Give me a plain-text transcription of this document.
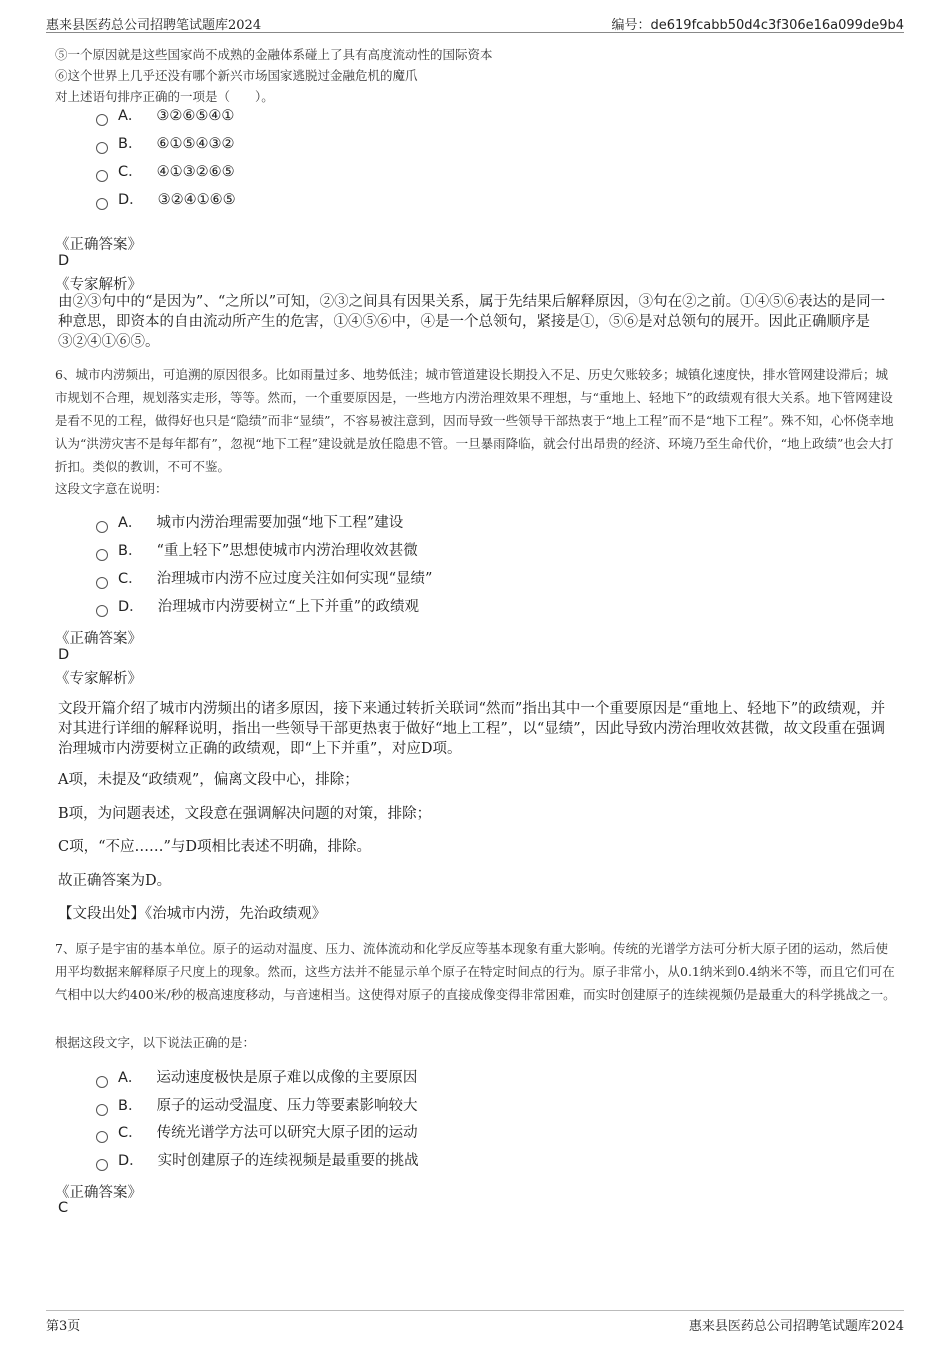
惠来县医药总公司招聘笔试题库2024	编号：de619fcabb50d4c3f306e16a099de9b4
⑤一个原因就是这些国家尚不成熟的金融体系碰上了具有高度流动性的国际资本
⑥这个世界上几乎还没有哪个新兴市场国家逃脱过金融危机的魔爪
对上述语句排序正确的一项是（　　）。
A． ③②⑥⑤④①
B． ⑥①⑤④③②
C． ④①③②⑥⑤
D． ③②④①⑥⑤
《正确答案》
D
《专家解析》
由②③句中的“是因为”、“之所以”可知，②③之间具有因果关系，属于先结果后解释原因，③句在②之前。①④⑤⑥表达的是同一种意思，即资本的自由流动所产生的危害，①④⑤⑥中，④是一个总领句，紧接是①，⑤⑥是对总领句的展开。因此正确顺序是③②④①⑥⑤。
6、城市内涝频出，可追溯的原因很多。比如雨量过多、地势低洼；城市管道建设长期投入不足、历史欠账较多；城镇化速度快，排水管网建设滞后；城市规划不合理，规划落实走形，等等。然而，一个重要原因是，一些地方内涝治理效果不理想，与“重地上、轻地下”的政绩观有很大关系。地下管网建设是看不见的工程，做得好也只是“隐绩”而非“显绩”，不容易被注意到，因而导致一些领导干部热衷于“地上工程”而不是“地下工程”。殊不知，心怀侥幸地认为“洪涝灾害不是每年都有”，忽视“地下工程”建设就是放任隐患不管。一旦暴雨降临，就会付出昂贵的经济、环境乃至生命代价，“地上政绩”也会大打折扣。类似的教训，不可不鉴。
这段文字意在说明：
A． 城市内涝治理需要加强“地下工程”建设
B． “重上轻下”思想使城市内涝治理收效甚微
C． 治理城市内涝不应过度关注如何实现“显绩”
D． 治理城市内涝要树立“上下并重”的政绩观
《正确答案》
D
《专家解析》
文段开篇介绍了城市内涝频出的诸多原因，接下来通过转折关联词“然而”指出其中一个重要原因是“重地上、轻地下”的政绩观，并对其进行详细的解释说明，指出一些领导干部更热衷于做好“地上工程”，以“显绩”，因此导致内涝治理收效甚微，故文段重在强调治理城市内涝要树立正确的政绩观，即“上下并重”，对应D项。
A项，未提及“政绩观”，偏离文段中心，排除；
B项，为问题表述，文段意在强调解决问题的对策，排除；
C项，“不应……”与D项相比表述不明确，排除。
故正确答案为D。
【文段出处】《治城市内涝，先治政绩观》
7、原子是宇宙的基本单位。原子的运动对温度、压力、流体流动和化学反应等基本现象有重大影响。传统的光谱学方法可分析大原子团的运动，然后使用平均数据来解释原子尺度上的现象。然而，这些方法并不能显示单个原子在特定时间点的行为。原子非常小，从0.1纳米到0.4纳米不等，而且它们可在气相中以大约400米/秒的极高速度移动，与音速相当。这使得对原子的直接成像变得非常困难，而实时创建原子的连续视频仍是最重大的科学挑战之一。
根据这段文字，以下说法正确的是：
A． 运动速度极快是原子难以成像的主要原因
B． 原子的运动受温度、压力等要素影响较大
C． 传统光谱学方法可以研究大原子团的运动
D． 实时创建原子的连续视频是最重要的挑战
《正确答案》
C
第3页	惠来县医药总公司招聘笔试题库2024
